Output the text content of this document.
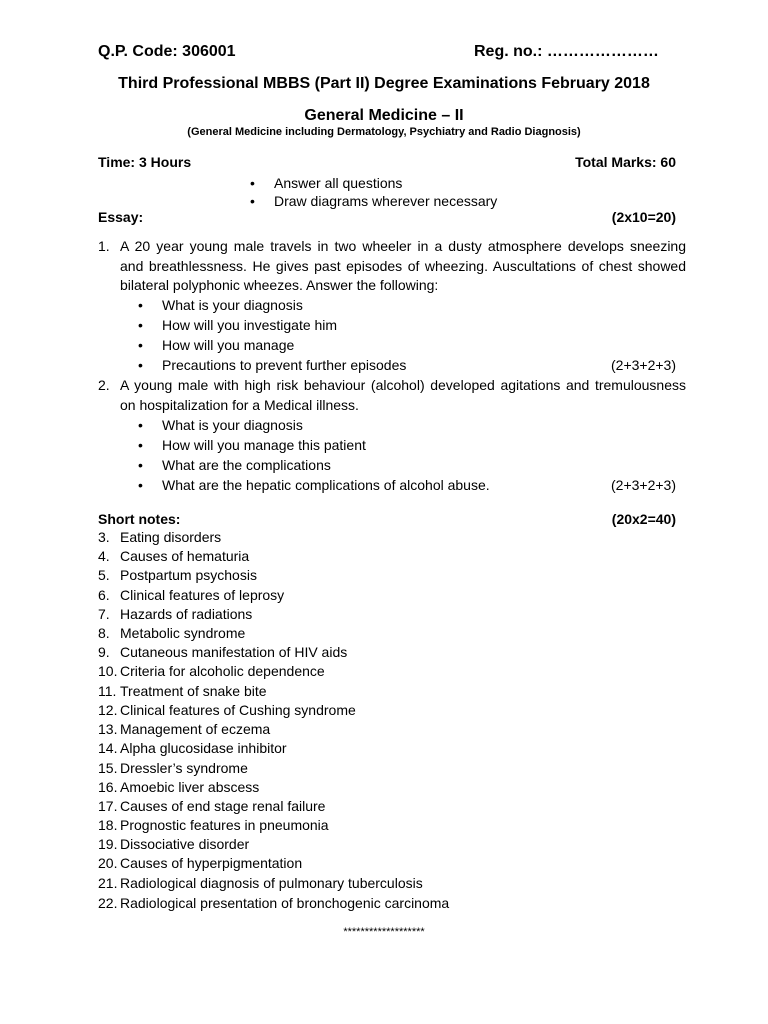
Q.P. Code: 306001	Reg. no.: …………………
Third Professional MBBS (Part II) Degree Examinations February 2018
General Medicine – II
(General Medicine including Dermatology, Psychiatry and Radio Diagnosis)
Time: 3 Hours	Total Marks: 60
• Answer all questions
• Draw diagrams wherever necessary
Essay:	(2x10=20)
1. A 20 year young male travels in two wheeler in a dusty atmosphere develops sneezing
and breathlessness. He gives past episodes of wheezing. Auscultations of chest showed
bilateral polyphonic wheezes. Answer the following:
• What is your diagnosis
• How will you investigate him
• How will you manage
• Precautions to prevent further episodes	(2+3+2+3)
2. A young male with high risk behaviour (alcohol) developed agitations and tremulousness
on hospitalization for a Medical illness.
• What is your diagnosis
• How will you manage this patient
• What are the complications
• What are the hepatic complications of alcohol abuse.	(2+3+2+3)
Short notes:	(20x2=40)
3. Eating disorders
4. Causes of hematuria
5. Postpartum psychosis
6. Clinical features of leprosy
7. Hazards of radiations
8. Metabolic syndrome
9. Cutaneous manifestation of HIV aids
10. Criteria for alcoholic dependence
11. Treatment of snake bite
12. Clinical features of Cushing syndrome
13. Management of eczema
14. Alpha glucosidase inhibitor
15. Dressler’s syndrome
16. Amoebic liver abscess
17. Causes of end stage renal failure
18. Prognostic features in pneumonia
19. Dissociative disorder
20. Causes of hyperpigmentation
21. Radiological diagnosis of pulmonary tuberculosis
22. Radiological presentation of bronchogenic carcinoma
*******************
